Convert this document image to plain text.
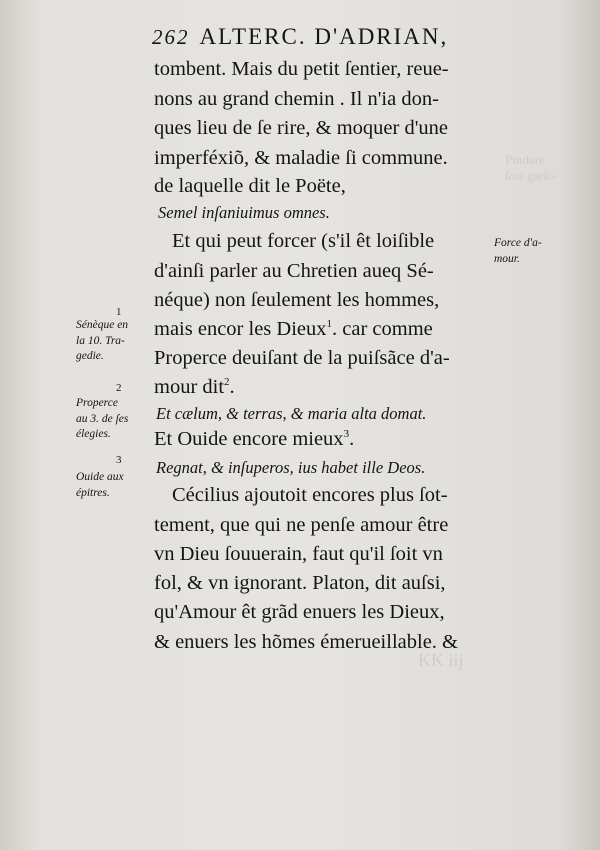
KK iij
Pindare
ſois garſo-
262 ALTERC. D'ADRIAN,
tombent. Mais du petit ſentier, reue-
nons au grand chemin . Il n'ia don-
ques lieu de ſe rire, & moquer d'une
imperféxiõ, & maladie ſi commune.
de laquelle dit le Poëte,
Semel inſaniuimus omnes.
Et qui peut forcer (s'il êt loiſible
d'ainſi parler au Chretien aueq Sé-
néque) non ſeulement les hommes,
mais encor les Dieux$^1$. car comme
Properce deuiſant de la puiſsãce d'a-
mour dit$^2$.
Et cælum, & terras, & maria alta domat.
Et Ouide encore mieux$^3$.
Regnat, & inſuperos, ius habet ille Deos.
Cécilius ajoutoit encores plus ſot-
tement, que qui ne penſe amour être
vn Dieu ſouuerain, faut qu'il ſoit vn
fol, & vn ignorant. Platon, dit auſsi,
qu'Amour êt grãd enuers les Dieux,
& enuers les hõmes émerueillable. &
Force d'a-
mour.
1
Sénèque en
la 10. Tra-
gedie.
2
Properce
au 3. de ſes
élegies.
3
Ouide aux
épitres.
